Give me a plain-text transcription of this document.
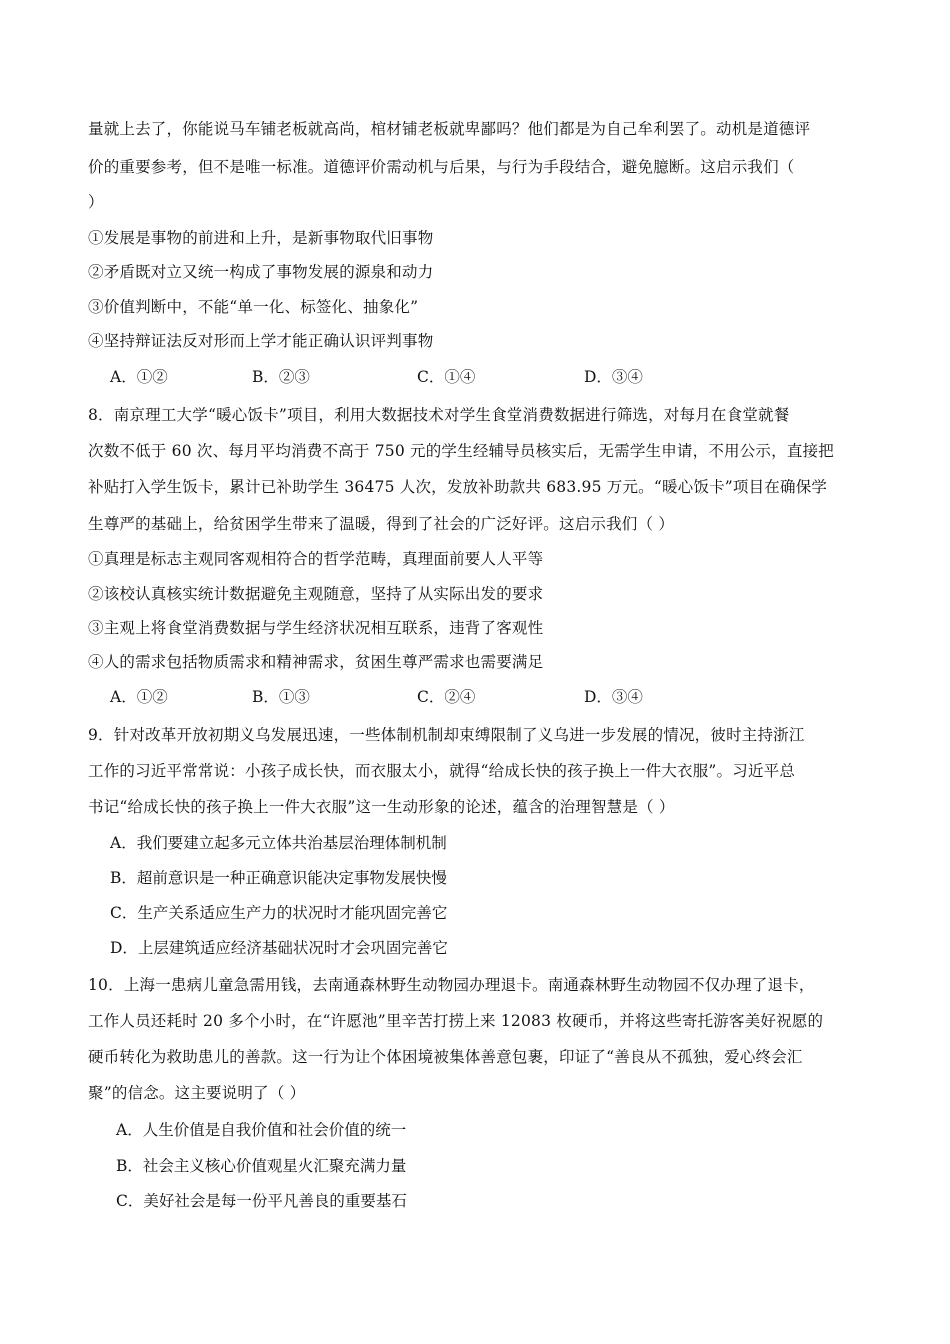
量就上去了，你能说马车铺老板就高尚，棺材铺老板就卑鄙吗？他们都是为自己牟利罢了。动机是道德评
价的重要参考，但不是唯一标准。道德评价需动机与后果，与行为手段结合，避免臆断。这启示我们（
）
①发展是事物的前进和上升，是新事物取代旧事物
②矛盾既对立又统一构成了事物发展的源泉和动力
③价值判断中，不能“单一化、标签化、抽象化”
④坚持辩证法反对形而上学才能正确认识评判事物
A．①②	B．②③	C．①④	D．③④
8．南京理工大学“暖心饭卡”项目，利用大数据技术对学生食堂消费数据进行筛选，对每月在食堂就餐
次数不低于 60 次、每月平均消费不高于 750 元的学生经辅导员核实后，无需学生申请，不用公示，直接把
补贴打入学生饭卡，累计已补助学生 36475 人次，发放补助款共 683.95 万元。“暖心饭卡”项目在确保学
生尊严的基础上，给贫困学生带来了温暖，得到了社会的广泛好评。这启示我们（ ）
①真理是标志主观同客观相符合的哲学范畴，真理面前要人人平等
②该校认真核实统计数据避免主观随意，坚持了从实际出发的要求
③主观上将食堂消费数据与学生经济状况相互联系，违背了客观性
④人的需求包括物质需求和精神需求，贫困生尊严需求也需要满足
A．①②	B．①③	C．②④	D．③④
9．针对改革开放初期义乌发展迅速，一些体制机制却束缚限制了义乌进一步发展的情况，彼时主持浙江
工作的习近平常常说：小孩子成长快，而衣服太小，就得“给成长快的孩子换上一件大衣服”。习近平总
书记“给成长快的孩子换上一件大衣服”这一生动形象的论述，蕴含的治理智慧是（ ）
A．我们要建立起多元立体共治基层治理体制机制
B．超前意识是一种正确意识能决定事物发展快慢
C．生产关系适应生产力的状况时才能巩固完善它
D．上层建筑适应经济基础状况时才会巩固完善它
10．上海一患病儿童急需用钱，去南通森林野生动物园办理退卡。南通森林野生动物园不仅办理了退卡，
工作人员还耗时 20 多个小时，在“许愿池”里辛苦打捞上来 12083 枚硬币，并将这些寄托游客美好祝愿的
硬币转化为救助患儿的善款。这一行为让个体困境被集体善意包裹，印证了“善良从不孤独，爱心终会汇
聚”的信念。这主要说明了（ ）
A．人生价值是自我价值和社会价值的统一
B．社会主义核心价值观星火汇聚充满力量
C．美好社会是每一份平凡善良的重要基石
